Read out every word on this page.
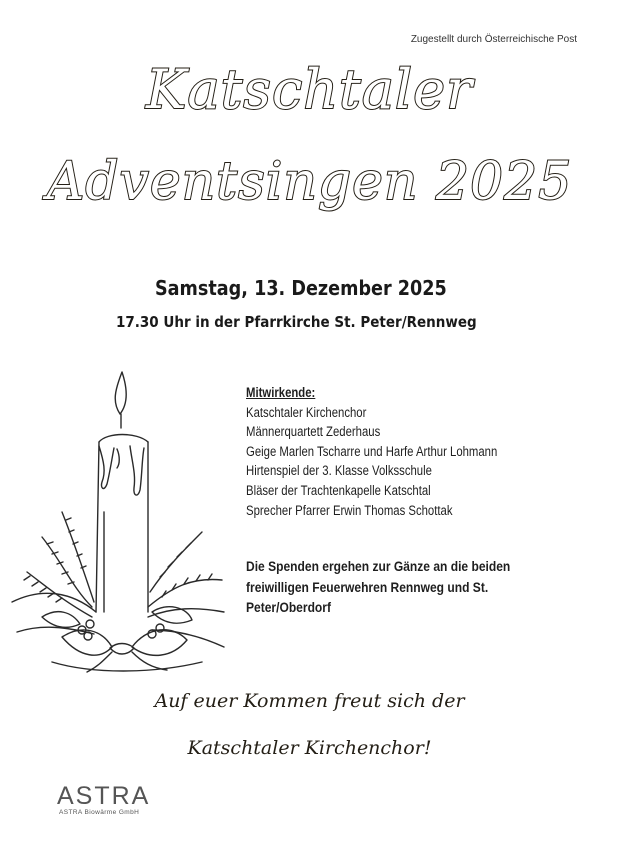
Zugestellt durch Österreichische Post
Katschtaler
Adventsingen 2025
Samstag, 13. Dezember 2025
17.30 Uhr in der Pfarrkirche St. Peter/Rennweg
Mitwirkende:
Katschtaler Kirchenchor
Männerquartett Zederhaus
Geige Marlen Tscharre und Harfe Arthur Lohmann
Hirtenspiel der 3. Klasse Volksschule
Bläser der Trachtenkapelle Katschtal
Sprecher Pfarrer Erwin Thomas Schottak
Die Spenden ergehen zur Gänze an die beiden
freiwilligen Feuerwehren Rennweg und St.
Peter/Oberdorf
Auf euer Kommen freut sich der
Katschtaler Kirchenchor!
ASTRA
ASTRA Biowärme GmbH
